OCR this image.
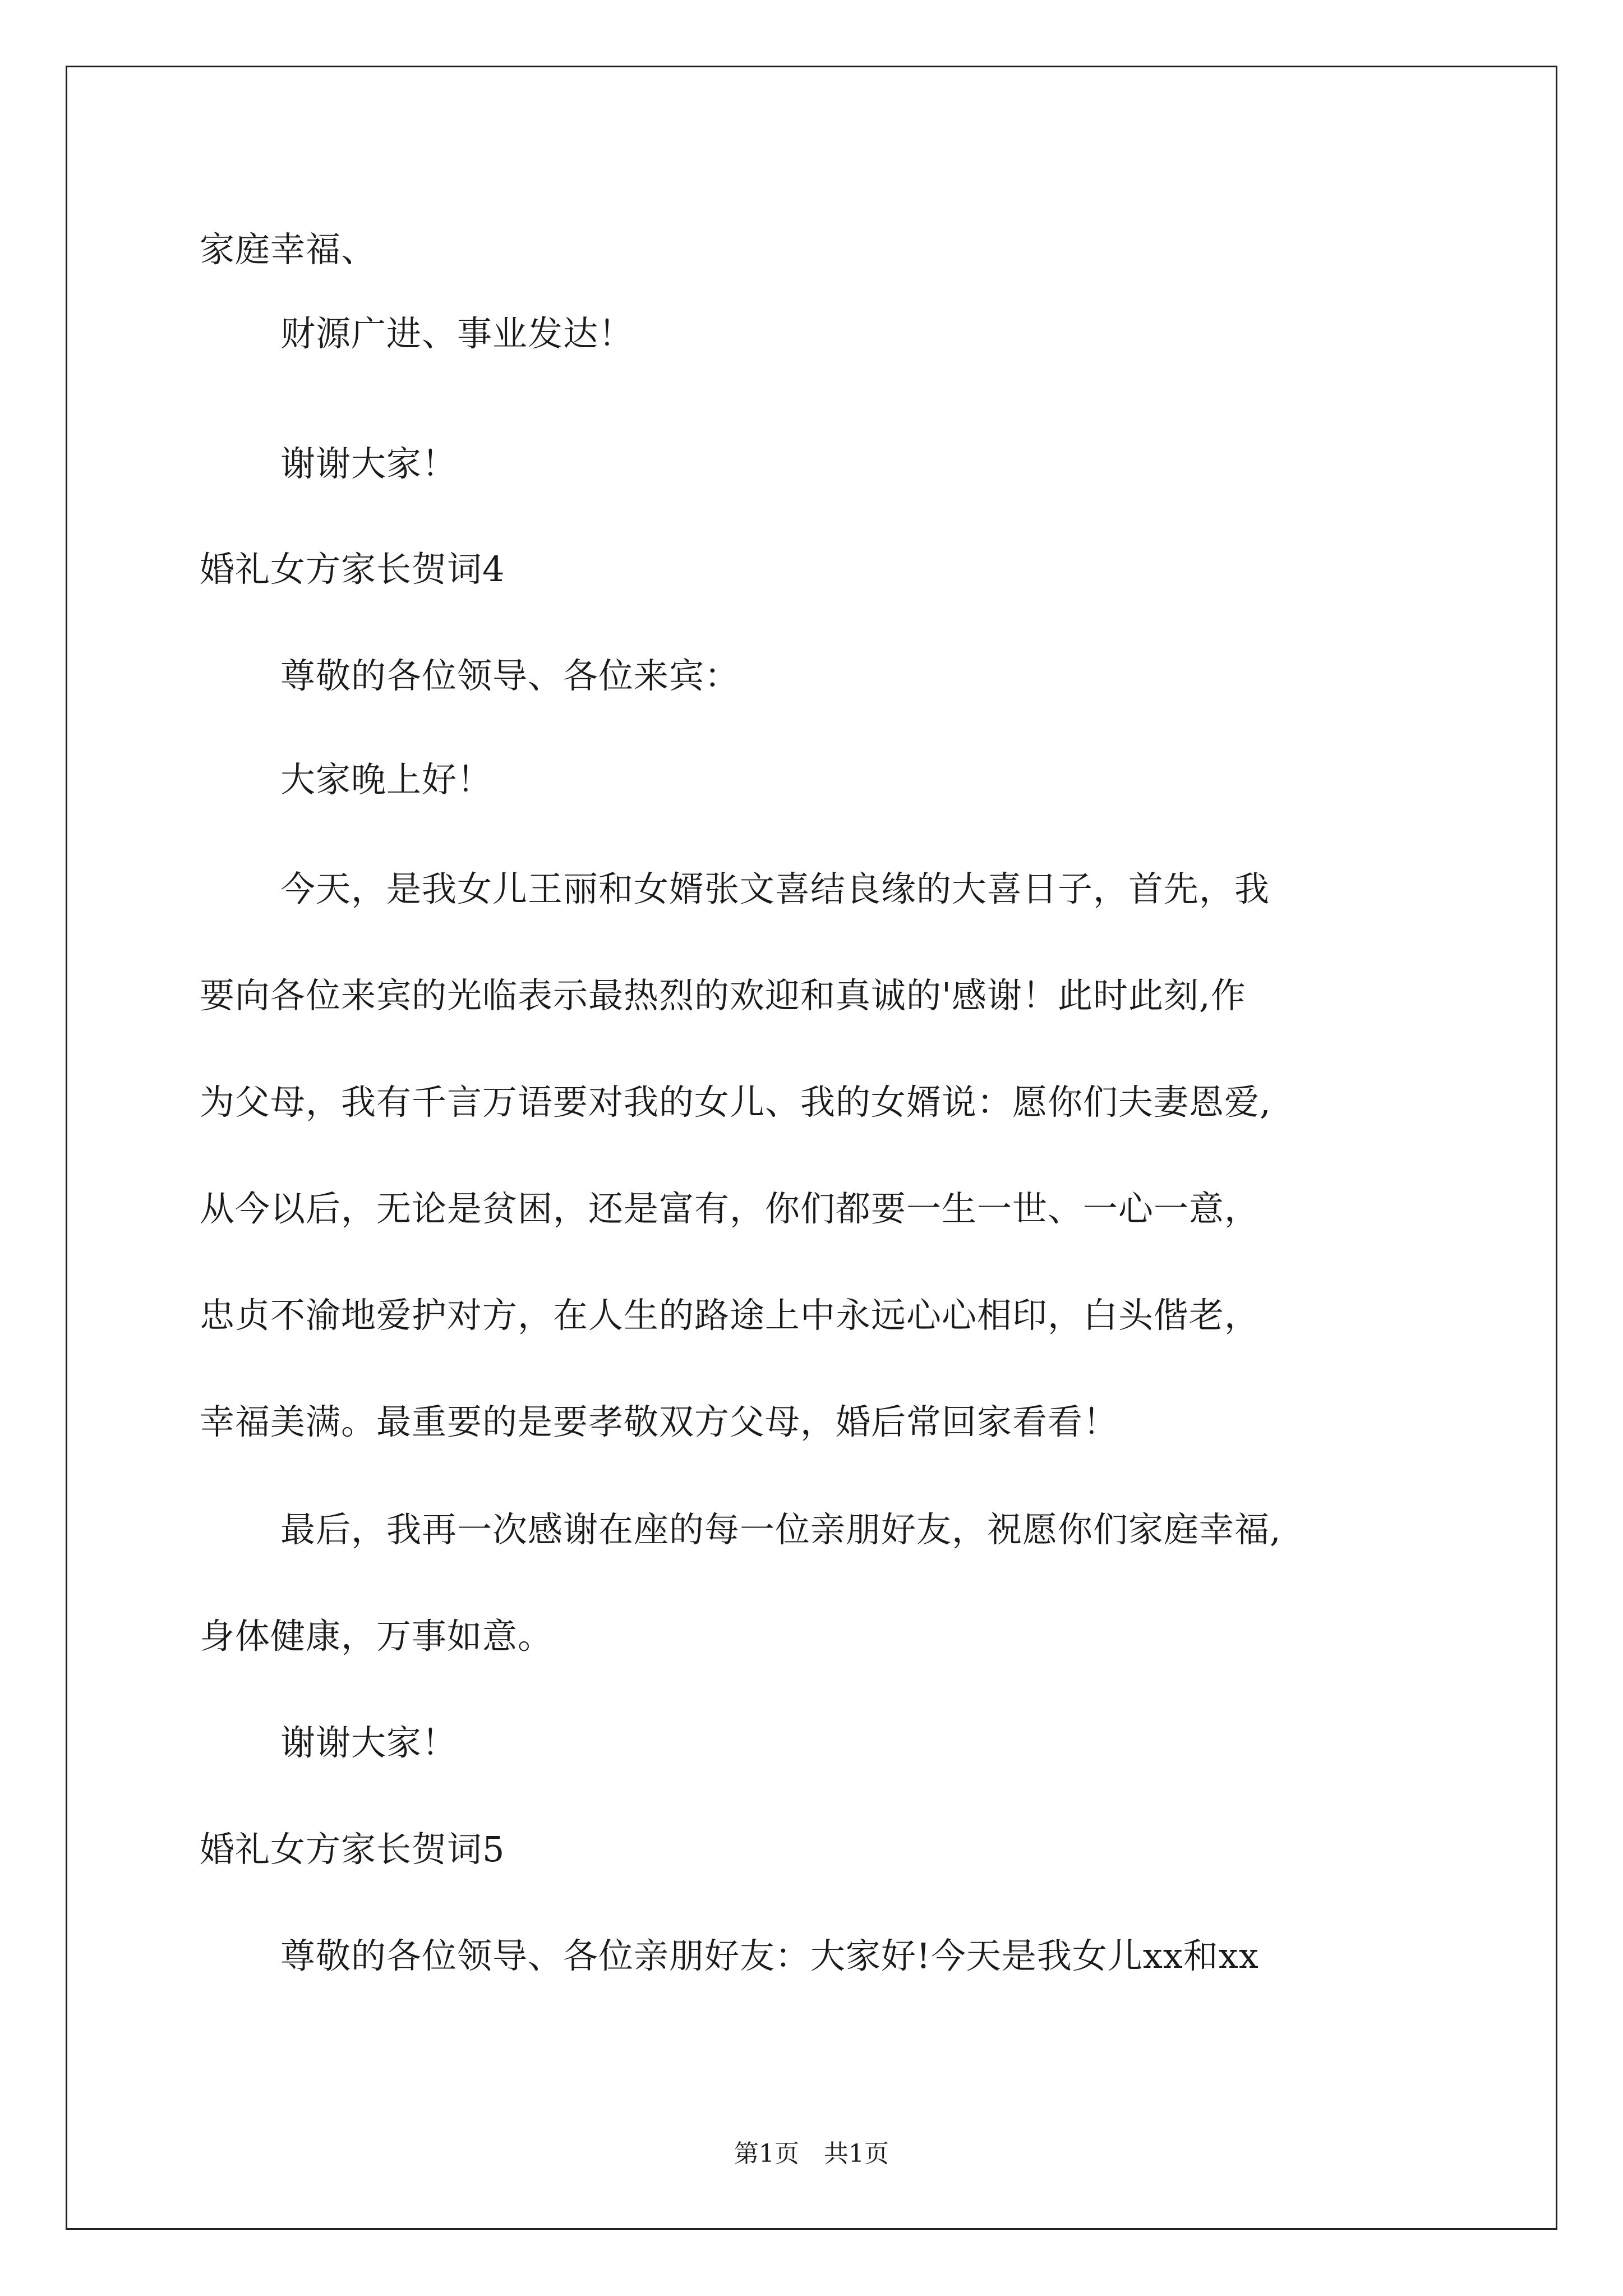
家庭幸福、
财源广进、事业发达！
谢谢大家！
婚礼女方家长贺词4
尊敬的各位领导、各位来宾：
大家晚上好！
今天，是我女儿王丽和女婿张文喜结良缘的大喜日子，首先，我
要向各位来宾的光临表示最热烈的欢迎和真诚的'感谢！此时此刻,作
为父母，我有千言万语要对我的女儿、我的女婿说：愿你们夫妻恩爱,
从今以后，无论是贫困，还是富有，你们都要一生一世、一心一意，
忠贞不渝地爱护对方，在人生的路途上中永远心心相印，白头偕老，
幸福美满。最重要的是要孝敬双方父母，婚后常回家看看！
最后，我再一次感谢在座的每一位亲朋好友，祝愿你们家庭幸福,
身体健康，万事如意。
谢谢大家！
婚礼女方家长贺词5
尊敬的各位领导、各位亲朋好友：大家好!今天是我女儿xx和xx
第1页　共1页
